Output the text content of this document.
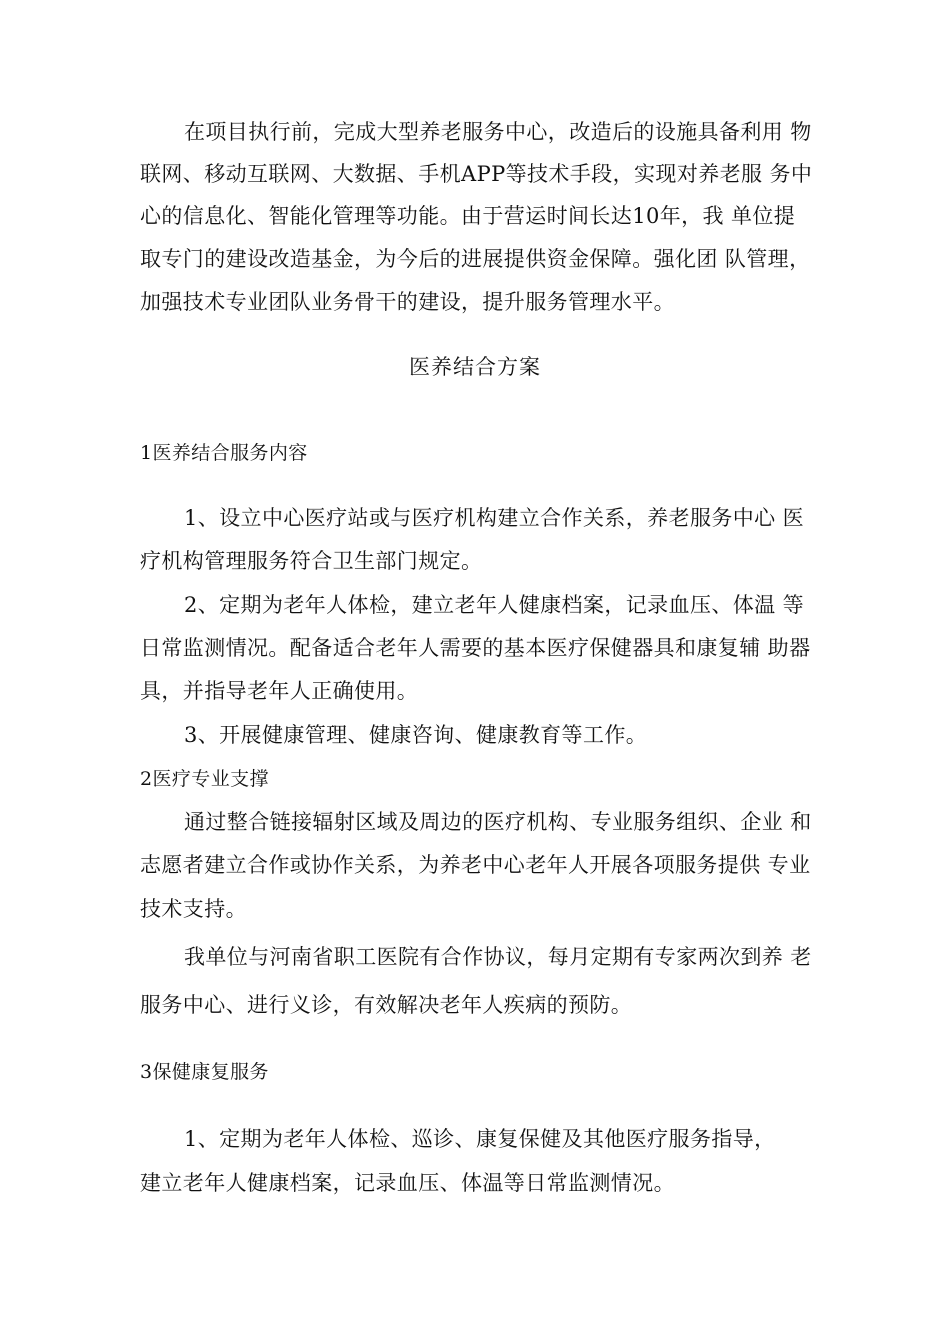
在项目执行前，完成大型养老服务中心，改造后的设施具备利用 物
联网、移动互联网、大数据、手机APP等技术手段，实现对养老服 务中
心的信息化、智能化管理等功能。由于营运时间长达10年，我 单位提
取专门的建设改造基金，为今后的进展提供资金保障。强化团 队管理，
加强技术专业团队业务骨干的建设，提升服务管理水平。
医养结合方案
1医养结合服务内容
1、设立中心医疗站或与医疗机构建立合作关系，养老服务中心 医
疗机构管理服务符合卫生部门规定。
2、定期为老年人体检，建立老年人健康档案，记录血压、体温 等
日常监测情况。配备适合老年人需要的基本医疗保健器具和康复辅 助器
具，并指导老年人正确使用。
3、开展健康管理、健康咨询、健康教育等工作。
2医疗专业支撑
通过整合链接辐射区域及周边的医疗机构、专业服务组织、企业 和
志愿者建立合作或协作关系，为养老中心老年人开展各项服务提供 专业
技术支持。
我单位与河南省职工医院有合作协议，每月定期有专家两次到养 老
服务中心、进行义诊，有效解决老年人疾病的预防。
3保健康复服务
1、定期为老年人体检、巡诊、康复保健及其他医疗服务指导，
建立老年人健康档案，记录血压、体温等日常监测情况。
